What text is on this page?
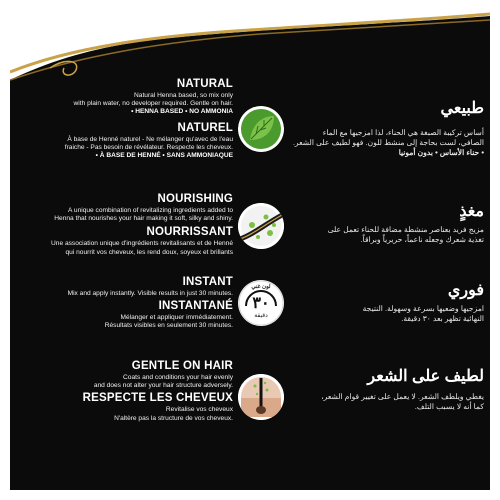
NATURAL
Natural Henna based, so mix only
with plain water, no developer required. Gentle on hair.
• HENNA BASED • NO AMMONIA
NATUREL
À base de Henné naturel - Ne mélanger qu'avec de l'eau
fraiche - Pas besoin de révélateur. Respecte les cheveux.
• À BASE DE HENNÉ • SANS AMMONIAQUE
طبيعي
أساس تركيبة الصبغة هي الحناء، لذا امزجيها مع الماء
الصافي، لست بحاجة إلى منشط للون. فهو لطيف على الشعر.
• حناء الأساس • بدون أمونيا
NOURISHING
A unique combination of revitalizing ingredients added to
Henna that nourishes your hair making it soft, silky and shiny.
NOURRISSANT
Une association unique d'ingrédients revitalisants et de Henné
qui nourrit vos cheveux, les rend doux, soyeux et brillants
مغذٍ
مزيج فريد بعناصر منشطة مضافة للحناء تعمل على
تغذية شعرك وجعله ناعماً، حريرياً وبراقاً.
INSTANT
Mix and apply instantly. Visible results in just 30 minutes.
INSTANTANÉ
Mélanger et appliquer immédiatement.
Résultats visibles en seulement 30 minutes.
لون غني
٣٠
دقيقة
فوري
امزجيها وضعيها بسرعة وسهولة. النتيجة
النهائية تظهر بعد ٣٠ دقيقة.
GENTLE ON HAIR
Coats and conditions your hair evenly
and does not alter your hair structure adversely.
RESPECTE LES CHEVEUX
Revitalise vos cheveux
N'altère pas la structure de vos cheveux.
لطيف على الشعر
يغطي ويلطف الشعر. لا يعمل على تغيير قوام الشعر،
كما أنه لا يسبب التلف.
